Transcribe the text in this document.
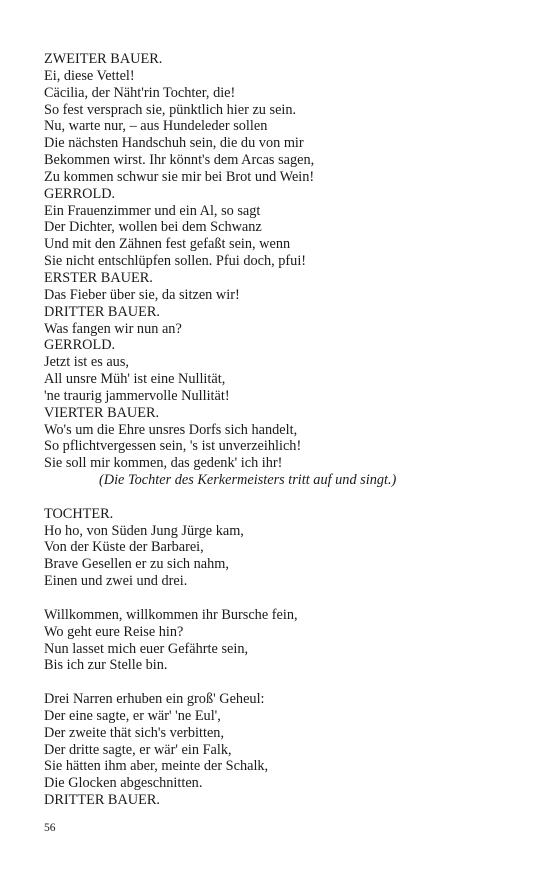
ZWEITER BAUER.
Ei, diese Vettel!
Cäcilia, der Näht'rin Tochter, die!
So fest versprach sie, pünktlich hier zu sein.
Nu, warte nur, – aus Hundeleder sollen
Die nächsten Handschuh sein, die du von mir
Bekommen wirst. Ihr könnt's dem Arcas sagen,
Zu kommen schwur sie mir bei Brot und Wein!
GERROLD.
Ein Frauenzimmer und ein Al, so sagt
Der Dichter, wollen bei dem Schwanz
Und mit den Zähnen fest gefaßt sein, wenn
Sie nicht entschlüpfen sollen. Pfui doch, pfui!
ERSTER BAUER.
Das Fieber über sie, da sitzen wir!
DRITTER BAUER.
Was fangen wir nun an?
GERROLD.
Jetzt ist es aus,
All unsre Müh' ist eine Nullität,
'ne traurig jammervolle Nullität!
VIERTER BAUER.
Wo's um die Ehre unsres Dorfs sich handelt,
So pflichtvergessen sein, 's ist unverzeihlich!
Sie soll mir kommen, das gedenk' ich ihr!
(Die Tochter des Kerkermeisters tritt auf und singt.)
TOCHTER.
Ho ho, von Süden Jung Jürge kam,
Von der Küste der Barbarei,
Brave Gesellen er zu sich nahm,
Einen und zwei und drei.
Willkommen, willkommen ihr Bursche fein,
Wo geht eure Reise hin?
Nun lasset mich euer Gefährte sein,
Bis ich zur Stelle bin.
Drei Narren erhuben ein groß' Geheul:
Der eine sagte, er wär' 'ne Eul',
Der zweite thät sich's verbitten,
Der dritte sagte, er wär' ein Falk,
Sie hätten ihm aber, meinte der Schalk,
Die Glocken abgeschnitten.
DRITTER BAUER.
56
